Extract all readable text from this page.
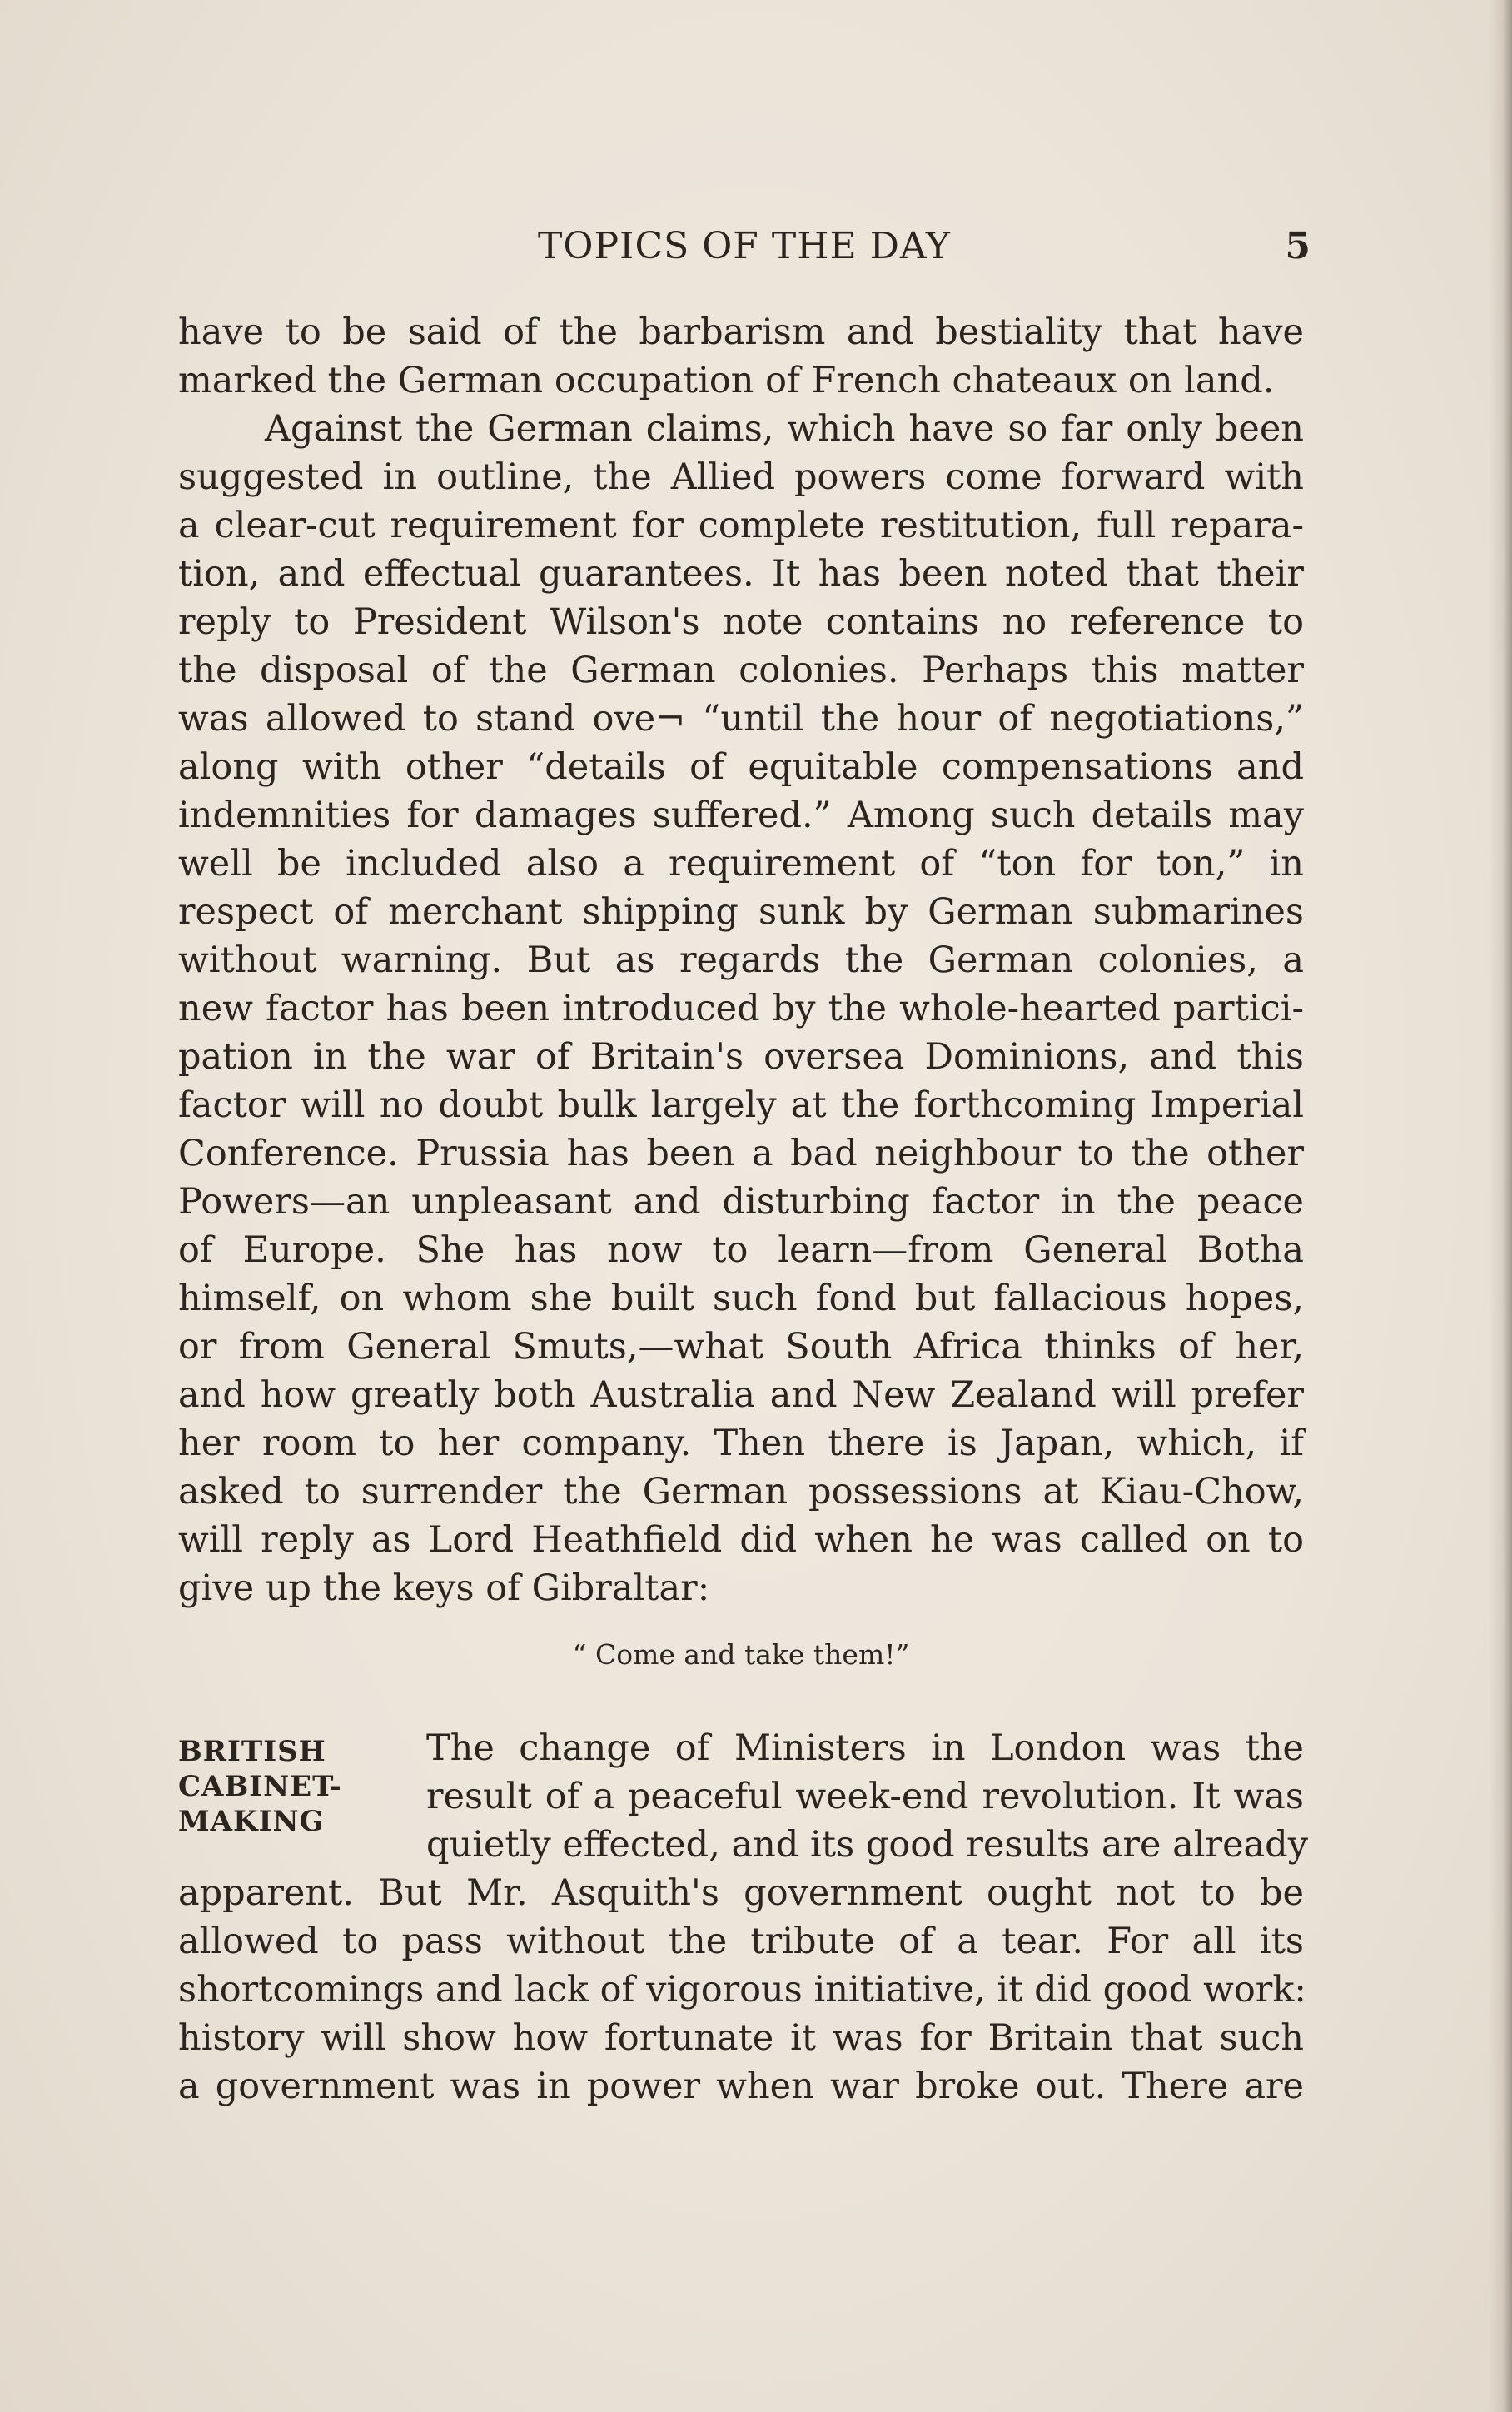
TOPICS OF THE DAY	5
have to be said of the barbarism and bestiality that have
marked the German occupation of French chateaux on land.
Against the German claims, which have so far only been
suggested in outline, the Allied powers come forward with
a clear-cut requirement for complete restitution, full repara-
tion, and effectual guarantees. It has been noted that their
reply to President Wilson's note contains no reference to
the disposal of the German colonies. Perhaps this matter
was allowed to stand ove¬ “until the hour of negotiations,”
along with other “details of equitable compensations and
indemnities for damages suffered.” Among such details may
well be included also a requirement of “ton for ton,” in
respect of merchant shipping sunk by German submarines
without warning. But as regards the German colonies, a
new factor has been introduced by the whole-hearted partici-
pation in the war of Britain's oversea Dominions, and this
factor will no doubt bulk largely at the forthcoming Imperial
Conference. Prussia has been a bad neighbour to the other
Powers—an unpleasant and disturbing factor in the peace
of Europe. She has now to learn—from General Botha
himself, on whom she built such fond but fallacious hopes,
or from General Smuts,—what South Africa thinks of her,
and how greatly both Australia and New Zealand will prefer
her room to her company. Then there is Japan, which, if
asked to surrender the German possessions at Kiau-Chow,
will reply as Lord Heathfield did when he was called on to
give up the keys of Gibraltar:
“ Come and take them!”
BRITISH
CABINET-
MAKING
The change of Ministers in London was the
result of a peaceful week-end revolution. It was
quietly effected, and its good results are already
apparent. But Mr. Asquith's government ought not to be
allowed to pass without the tribute of a tear. For all its
shortcomings and lack of vigorous initiative, it did good work:
history will show how fortunate it was for Britain that such
a government was in power when war broke out. There are
